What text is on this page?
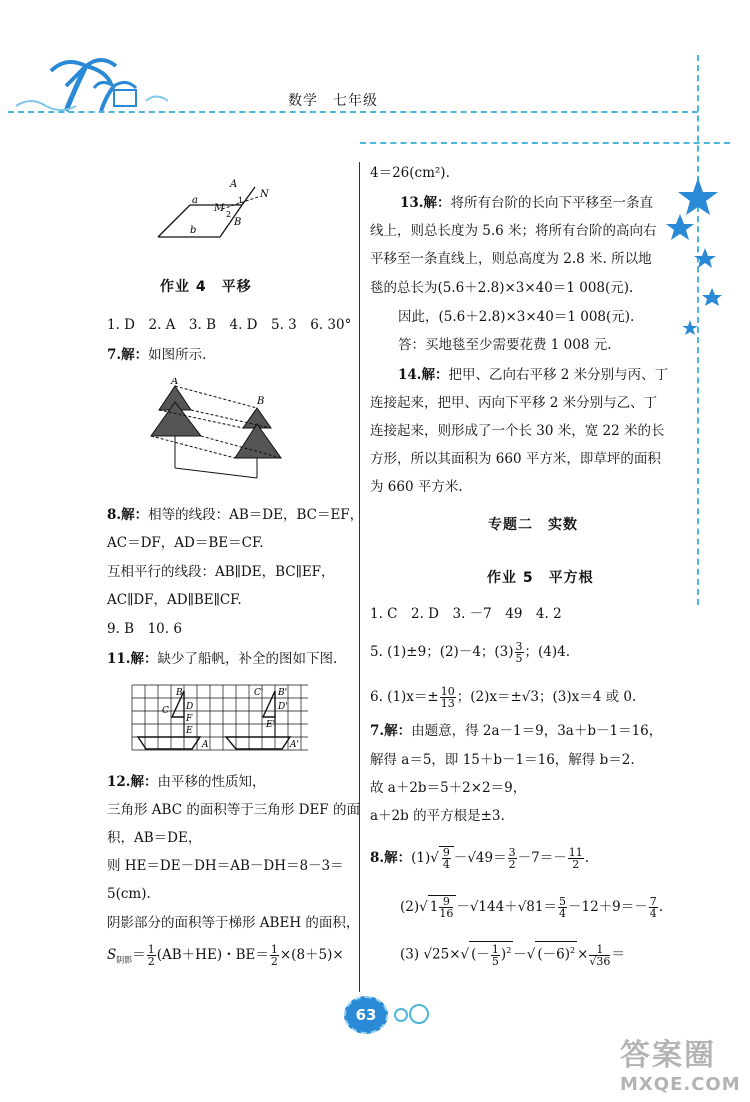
数学　七年级
a
b
A
B
M
N
1
2
作业 4　平移
1. D　2. A　3. B　4. D　5. 3　6. 30°
7.解：如图所示.
A
B
8.解：相等的线段：AB＝DE，BC＝EF，
AC＝DF，AD＝BE＝CF.
互相平行的线段：AB∥DE，BC∥EF，
AC∥DF，AD∥BE∥CF.
9. B　10. 6
11.解：缺少了船帆，补全的图如下图.
B	C' B'
C D	D'
E
F
E'
A	A'
12.解：由平移的性质知，
三角形 ABC 的面积等于三角形 DEF 的面
积，AB＝DE，
则 HE＝DE－DH＝AB－DH＝8－3＝
5(cm).
阴影部分的面积等于梯形 ABEH 的面积，
$S_{阴影}= \frac{1}{2} (AB+HE)$・$BE= \frac{1}{2} \times(8+5)\times$
4＝26(cm²).
13.解：将所有台阶的长向下平移至一条直
线上，则总长度为 5.6 米；将所有台阶的高向右
平移至一条直线上，则总高度为 2.8 米. 所以地
毯的总长为(5.6＋2.8)×3×40＝1 008(元).
因此，(5.6＋2.8)×3×40＝1 008(元).
答：买地毯至少需要花费 1 008 元.
14.解：把甲、乙向右平移 2 米分别与丙、丁
连接起来，把甲、丙向下平移 2 米分别与乙、丁
连接起来，则形成了一个长 30 米，宽 22 米的长
方形，所以其面积为 660 平方米，即草坪的面积
为 660 平方米.
专题二　实数
作业 5　平方根
1. C　2. D　3. －7　49　4. 2
5. (1)±9；(2)－4；$(3) \frac{3}{5}$ ；(4)4.
6. $(1)x=\pm \frac{10}{13}$ ；(2)x＝±√3；(3)x＝4 或 0.
7.解：由题意，得 2a－1＝9，3a＋b－1＝16，
解得 a＝5，即 15＋b－1＝16，解得 b＝2.
故 a＋2b＝5＋2×2＝9，
a＋2b 的平方根是±3.
8.解：$(1)√ \frac{9}{4} -√49= \frac{3}{2} -7=- \frac{11}{2}$ .
(2)√ $1 \frac{9}{16} -√144+√81= \frac{5}{4} -12+9=- \frac{7}{4}$ .
(3) √25×√ (－ $\frac{1}{5} )^2$ －√ $(-6)^2 \times \frac{1}{√36}$ ＝
63
答案圈
MXQE.COM
